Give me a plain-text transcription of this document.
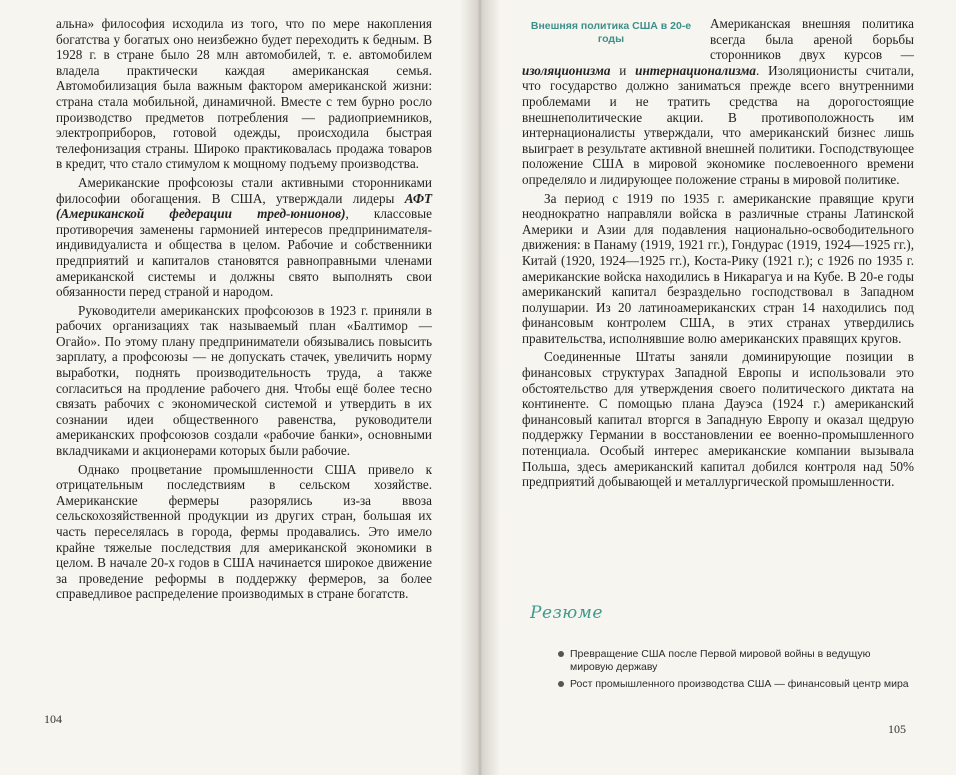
альна» философия исходила из того, что по мере накопления богатства у богатых оно неизбежно будет переходить к бедным. В 1928 г. в стране было 28 млн автомобилей, т. е. автомобилем владела практически каждая американская семья. Автомобилизация была важным фактором американской жизни: страна стала мобильной, динамичной. Вместе с тем бурно росло производство предметов потребления — радиоприемников, электроприборов, готовой одежды, происходила быстрая телефонизация страны. Широко практиковалась продажа товаров в кредит, что стало стимулом к мощному подъему производства.

Американские профсоюзы стали активными сторонниками философии обогащения. В США, утверждали лидеры АФТ (Американской федерации тред-юнионов), классовые противоречия заменены гармонией интересов предпринимателя-индивидуалиста и общества в целом. Рабочие и собственники предприятий и капиталов становятся равноправными членами американской системы и должны свято выполнять свои обязанности перед страной и народом.

Руководители американских профсоюзов в 1923 г. приняли в рабочих организациях так называемый план «Балтимор — Огайо». По этому плану предприниматели обязывались повысить зарплату, а профсоюзы — не допускать стачек, увеличить норму выработки, поднять производительность труда, а также согласиться на продление рабочего дня. Чтобы ещё более тесно связать рабочих с экономической системой и утвердить в их сознании идеи общественного равенства, руководители американских профсоюзов создали «рабочие банки», основными вкладчиками и акционерами которых были рабочие.

Однако процветание промышленности США привело к отрицательным последствиям в сельском хозяйстве. Американские фермеры разорялись из-за ввоза сельскохозяйственной продукции из других стран, большая их часть переселялась в города, фермы продавались. Это имело крайне тяжелые последствия для американской экономики в целом. В начале 20-х годов в США начинается широкое движение за проведение реформы в поддержку фермеров, за более справедливое распределение производимых в стране богатств.

104
Внешняя политика США в 20-е годы

Американская внешняя политика всегда была ареной борьбы сторонников двух курсов — изоляционизма и интернационализма. Изоляционисты считали, что государство должно заниматься прежде всего внутренними проблемами и не тратить средства на дорогостоящие внешнеполитические акции. В противоположность им интернационалисты утверждали, что американский бизнес лишь выиграет в результате активной внешней политики. Господствующее положение США в мировой экономике послевоенного времени определяло и лидирующее положение страны в мировой политике.

За период с 1919 по 1935 г. американские правящие круги неоднократно направляли войска в различные страны Латинской Америки и Азии для подавления национально-освободительного движения: в Панаму (1919, 1921 гг.), Гондурас (1919, 1924—1925 гг.), Китай (1920, 1924—1925 гг.), Коста-Рику (1921 г.); с 1926 по 1935 г. американские войска находились в Никарагуа и на Кубе. В 20-е годы американский капитал безраздельно господствовал в Западном полушарии. Из 20 латиноамериканских стран 14 находились под финансовым контролем США, в этих странах утвердились правительства, исполнявшие волю американских правящих кругов.

Соединенные Штаты заняли доминирующие позиции в финансовых структурах Западной Европы и использовали это обстоятельство для утверждения своего политического диктата на континенте. С помощью плана Дауэса (1924 г.) американский финансовый капитал вторгся в Западную Европу и оказал щедрую поддержку Германии в восстановлении ее военно-промышленного потенциала. Особый интерес американские компании вызывала Польша, здесь американский капитал добился контроля над 50% предприятий добывающей и металлургической промышленности.

Резюме
Превращение США после Первой мировой войны в ведущую мировую державу
Рост промышленного производства США — финансовый центр мира
105
